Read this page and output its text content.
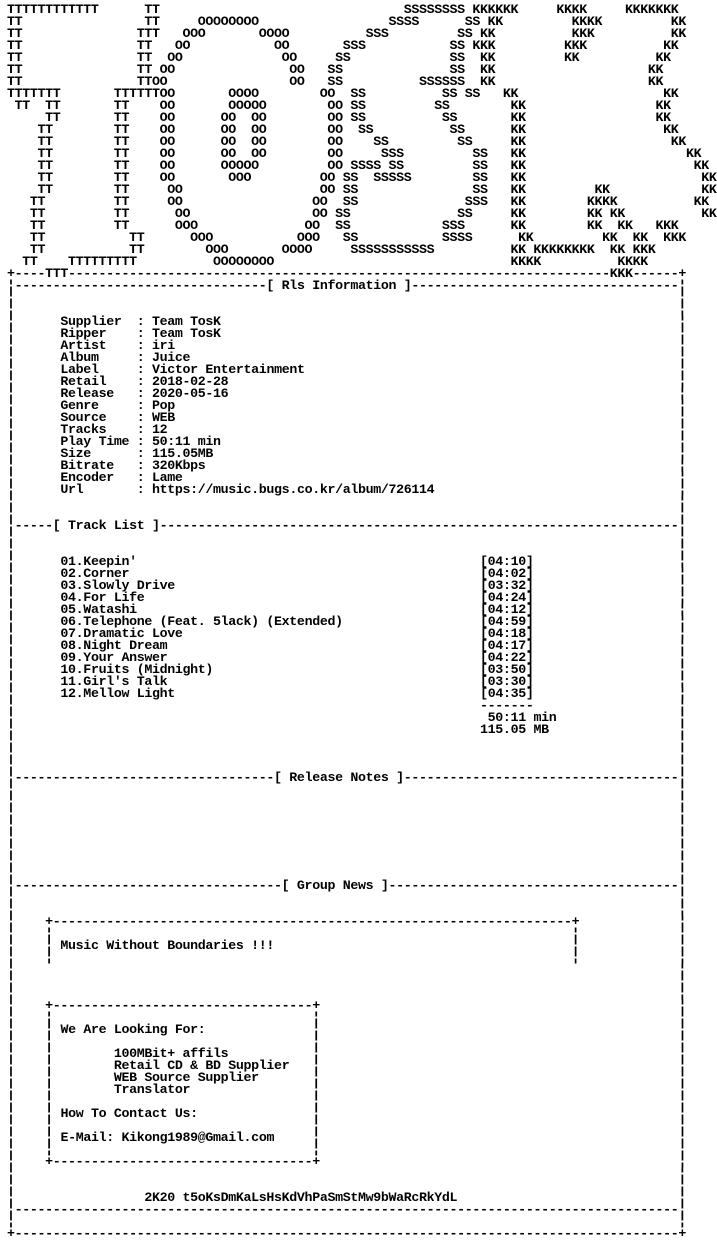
TTTTTTTTTTTT      TT                                SSSSSSSS KKKKKK     KKKK     KKKKKKK
TT                TT     OOOOOOOO                 SSSS      SS KK         KKKK         KK
TT               TTT   OOO       OOOO          SSS         SS KK          KKK          KK
TT               TT   OO           OO       SSS           SS KKK         KKK          KK
TT               TT  OO             OO     SS             SS  KK         KK          KK
TT               TT OO               OO   SS              SS  KK                    KK
TT               TTOO                OO   SS          SSSSSS  KK                    KK
TTTTTTT       TTTTTTOO       OOOO        OO  SS          SS SS   KK                   KK
TT  TT       TT    OO       OOOOO        OO SS         SS        KK                 KK
TT       TT    OO      OO  OO        OO SS          SS       KK                 KK
TT        TT    OO      OO  OO        OO  SS          SS      KK                  KK
TT        TT    OO      OO  OO        OO    SS         SS     KK                   KK
TT        TT    OO      OO  OO        OO     SSS         SS   KK                     KK
TT        TT    OO      OOOOO         OO SSSS SS         SS   KK                      KK
TT        TT    OO       OOO         OO SS  SSSSS        SS   KK                       KK
TT        TT     OO                  OO SS               SS   KK         KK            KK
TT         TT     OO                 OO  SS              SSS   KK        KKKK          KK
TT         TT      OO                OO SS              SS     KK        KK KK          KK
TT         TT      OOO              OO  SS            SSS      KK        KK  KK   KKK
TT           TT      OOO           OOO   SS           SSSS      KK         KK  KK  KKK
TT           TT        OOO       OOOO     SSSSSSSSSSS          KK KKKKKKKK  KK KKK
TT    TTTTTTTTT          OOOOOOOO                               KKKK          KKKK
+----TTT-----------------------------------------------------------------------KKK------+
¦---------------------------------[ Rls Information ]-----------------------------------¦
¦	¦
¦	¦
¦	Supplier : Team TosK	¦
¦	Ripper : Team TosK	¦
¦	Artist : iri	¦
¦	Album	: Juice	¦
¦	Label	: Victor Entertainment	¦
¦	Retail : 2018-02-28	¦
¦	Release : 2020-05-16	¦
¦	Genre	: Pop	¦
¦	Source : WEB	¦
¦	Tracks : 12	¦
¦	Play Time : 50:11 min	¦
¦	Size	: 115.05MB	¦
¦	Bitrate : 320Kbps	¦
¦	Encoder : Lame	¦
¦	Url	: https://music.bugs.co.kr/album/726114	¦
¦	¦
¦	¦
¦-----[ Track List ]--------------------------------------------------------------------¦
¦	¦
¦	¦
¦	01.Keepin'	[04:10]	¦
¦	02.Corner	[04:02]	¦
¦	03.Slowly Drive	[03:32]	¦
¦	04.For Life	[04:24]	¦
¦	05.Watashi	[04:12]	¦
¦	06.Telephone (Feat. 5lack) (Extended)	[04:59]	¦
¦	07.Dramatic Love	[04:18]	¦
¦	08.Night Dream	[04:17]	¦
¦	09.Your Answer	[04:22]	¦
¦	10.Fruits (Midnight)	[03:50]	¦
¦	11.Girl's Talk	[03:30]	¦
¦	12.Mellow Light	[04:35]	¦
¦	-------	¦
¦	50:11 min	¦
¦	115.05 MB	¦
¦	¦
¦	¦
¦	¦
¦----------------------------------[ Release Notes ]------------------------------------¦
¦	¦
¦	¦
¦	¦
¦	¦
¦	¦
¦	¦
¦	¦
¦	¦
¦-----------------------------------[ Group News ]--------------------------------------¦
¦	¦
¦	¦
¦    +--------------------------------------------------------------------+	¦
¦    ¦	¦	¦
¦    ¦ Music Without Boundaries !!!	¦	¦
¦    ¦	¦	¦
¦	¦
¦	¦
¦	¦
¦    +----------------------------------+	¦
¦    ¦	¦	¦
¦    ¦ We Are Looking For:	¦	¦
¦    ¦	¦	¦
¦    ¦	100MBit+ affils	¦	¦
¦    ¦	Retail CD & BD Supplier ¦	¦
¦    ¦	WEB Source Supplier	¦	¦
¦    ¦	Translator	¦	¦
¦    ¦	¦	¦
¦    ¦ How To Contact Us:	¦	¦
¦    ¦	¦	¦
¦    ¦ E-Mail: Kikong1989@Gmail.com	¦	¦
¦    ¦	¦	¦
¦    +----------------------------------+	¦
¦	¦
¦	¦
¦	2K20 t5oKsDmKaLsHsKdVhPaSmStMw9bWaRcRkYdL	¦
¦---------------------------------------------------------------------------------------¦
¦	¦
+---------------------------------------------------------------------------------------+
